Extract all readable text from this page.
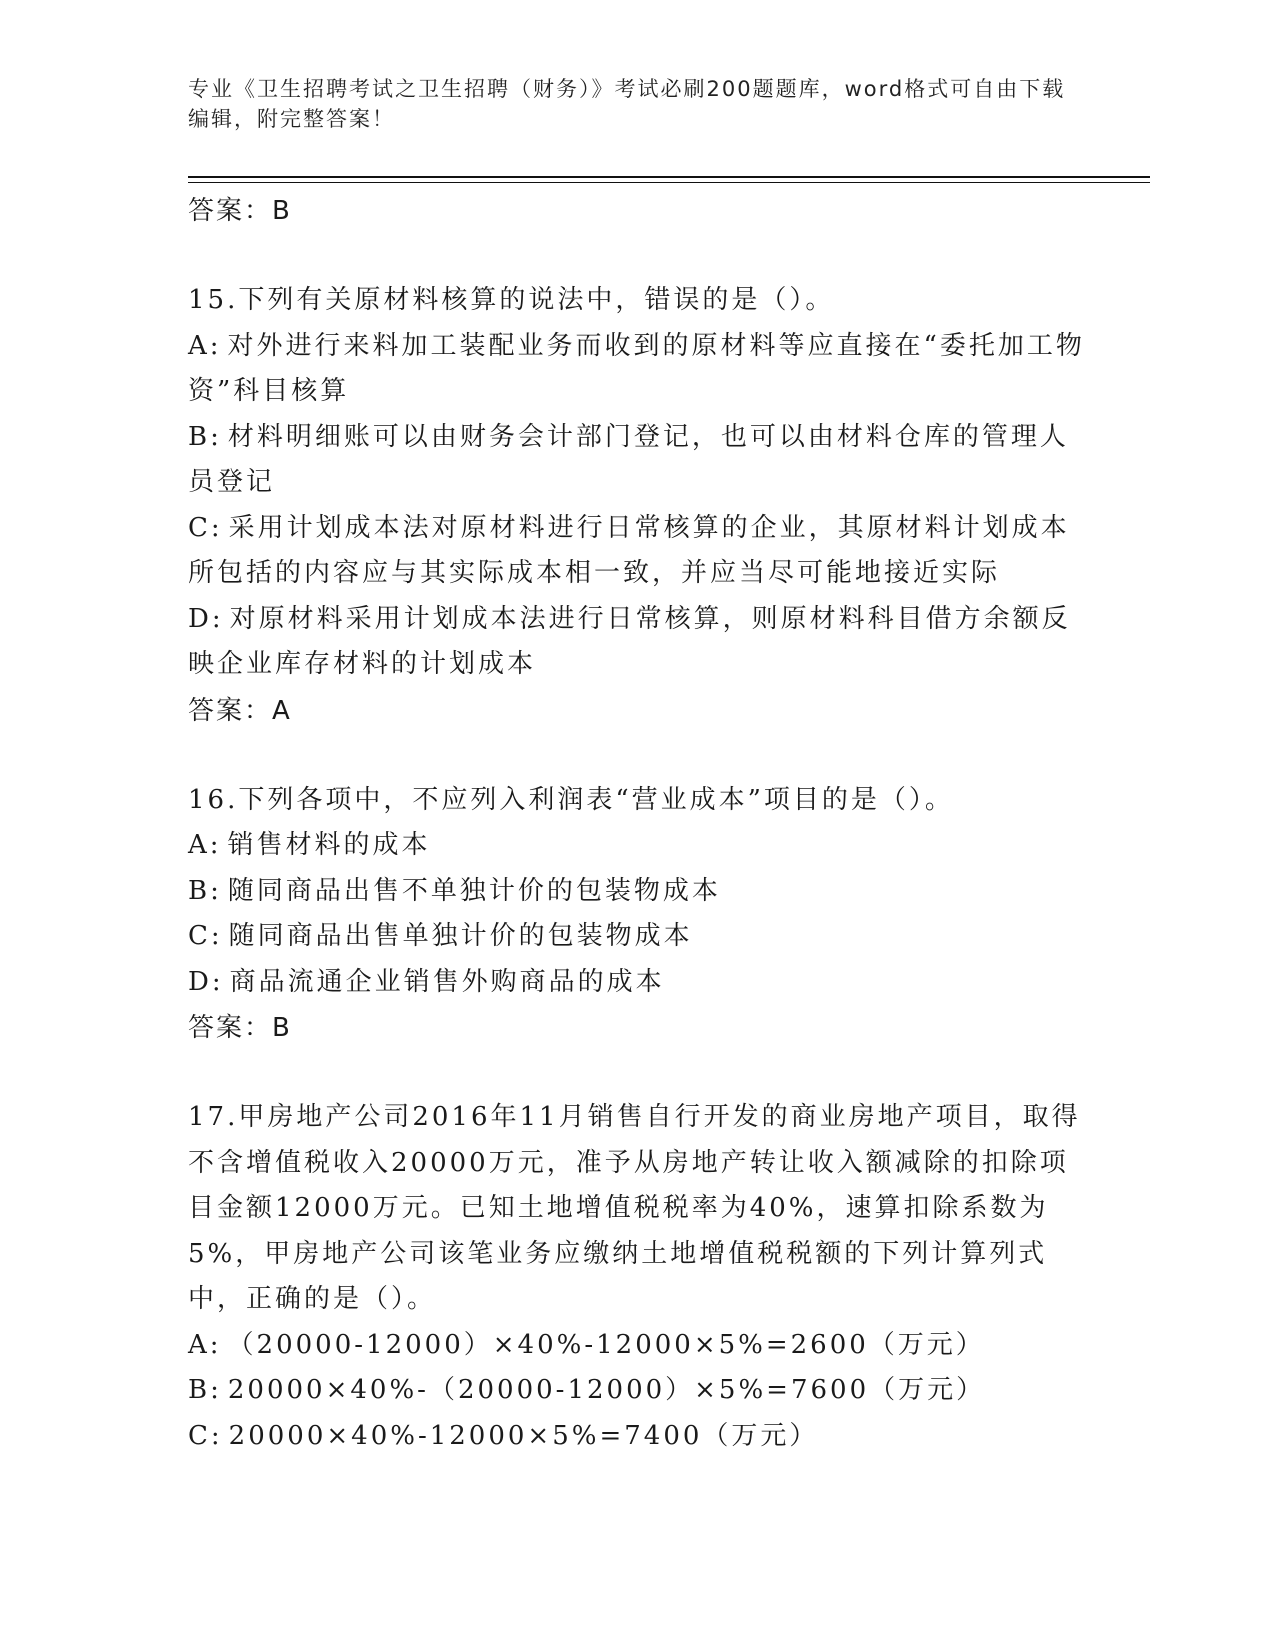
专业《卫生招聘考试之卫生招聘（财务）》考试必刷200题题库，word格式可自由下载编辑，附完整答案！

答案：B

15.下列有关原材料核算的说法中，错误的是（）。

A: 对外进行来料加工装配业务而收到的原材料等应直接在“委托加工物资”科目核算

B: 材料明细账可以由财务会计部门登记，也可以由材料仓库的管理人员登记

C: 采用计划成本法对原材料进行日常核算的企业，其原材料计划成本所包括的内容应与其实际成本相一致，并应当尽可能地接近实际

D: 对原材料采用计划成本法进行日常核算，则原材料科目借方余额反映企业库存材料的计划成本

答案：A

16.下列各项中，不应列入利润表“营业成本”项目的是（）。

A: 销售材料的成本

B: 随同商品出售不单独计价的包装物成本

C: 随同商品出售单独计价的包装物成本

D: 商品流通企业销售外购商品的成本

答案：B

17.甲房地产公司2016年11月销售自行开发的商业房地产项目，取得不含增值税收入20000万元，准予从房地产转让收入额减除的扣除项目金额12000万元。已知土地增值税税率为40%，速算扣除系数为5%，甲房地产公司该笔业务应缴纳土地增值税税额的下列计算列式中，正确的是（）。

A: （20000-12000）×40%-12000×5%=2600（万元）

B: 20000×40%-（20000-12000）×5%=7600（万元）

C: 20000×40%-12000×5%=7400（万元）
